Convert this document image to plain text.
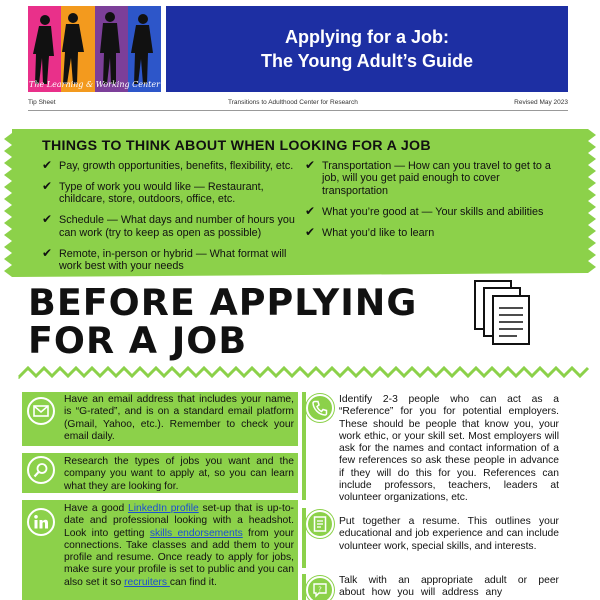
The Learning & Working Center
Applying for a Job:
The Young Adult’s Guide
Tip Sheet	Transitions to Adulthood Center for Research	Revised May 2023
THINGS TO THINK ABOUT WHEN LOOKING FOR A JOB
✔ Pay, growth opportunities, benefits, flexibility, etc.
✔ Type of work you would like — Restaurant, childcare, store, outdoors, office, etc.
✔ Schedule — What days and number of hours you can work (try to keep as open as possible)
✔ Remote, in-person or hybrid — What format will work best with your needs
✔ Transportation — How can you travel to get to a job, will you get paid enough to cover transportation
✔ What you’re good at — Your skills and abilities
✔ What you’d like to learn
BEFORE APPLYING
FOR A JOB
Have an email address that includes your name, is “G-rated”, and is on a standard email platform (Gmail, Yahoo, etc.). Remember to check your email daily.
Research the types of jobs you want and the company you want to apply at, so you can learn what they are looking for.
Have a good LinkedIn profile set-up that is up-to-date and professional looking with a headshot. Look into getting skills endorsements from your connections. Take classes and add them to your profile and resume. Once ready to apply for jobs, make sure your profile is set to public and you can also set it so recruiters can find it.
Identify 2-3 people who can act as a “Reference” for you for potential employers. These should be people that know you, your work ethic, or your skill set. Most employers will ask for the names and contact information of a few references so ask these people in advance if they will do this for you. References can include professors, teachers, leaders at volunteer organizations, etc.
Put together a resume. This outlines your educational and job experience and can include volunteer work, special skills, and interests.
Talk with an appropriate adult or peer about how you will address any
?
